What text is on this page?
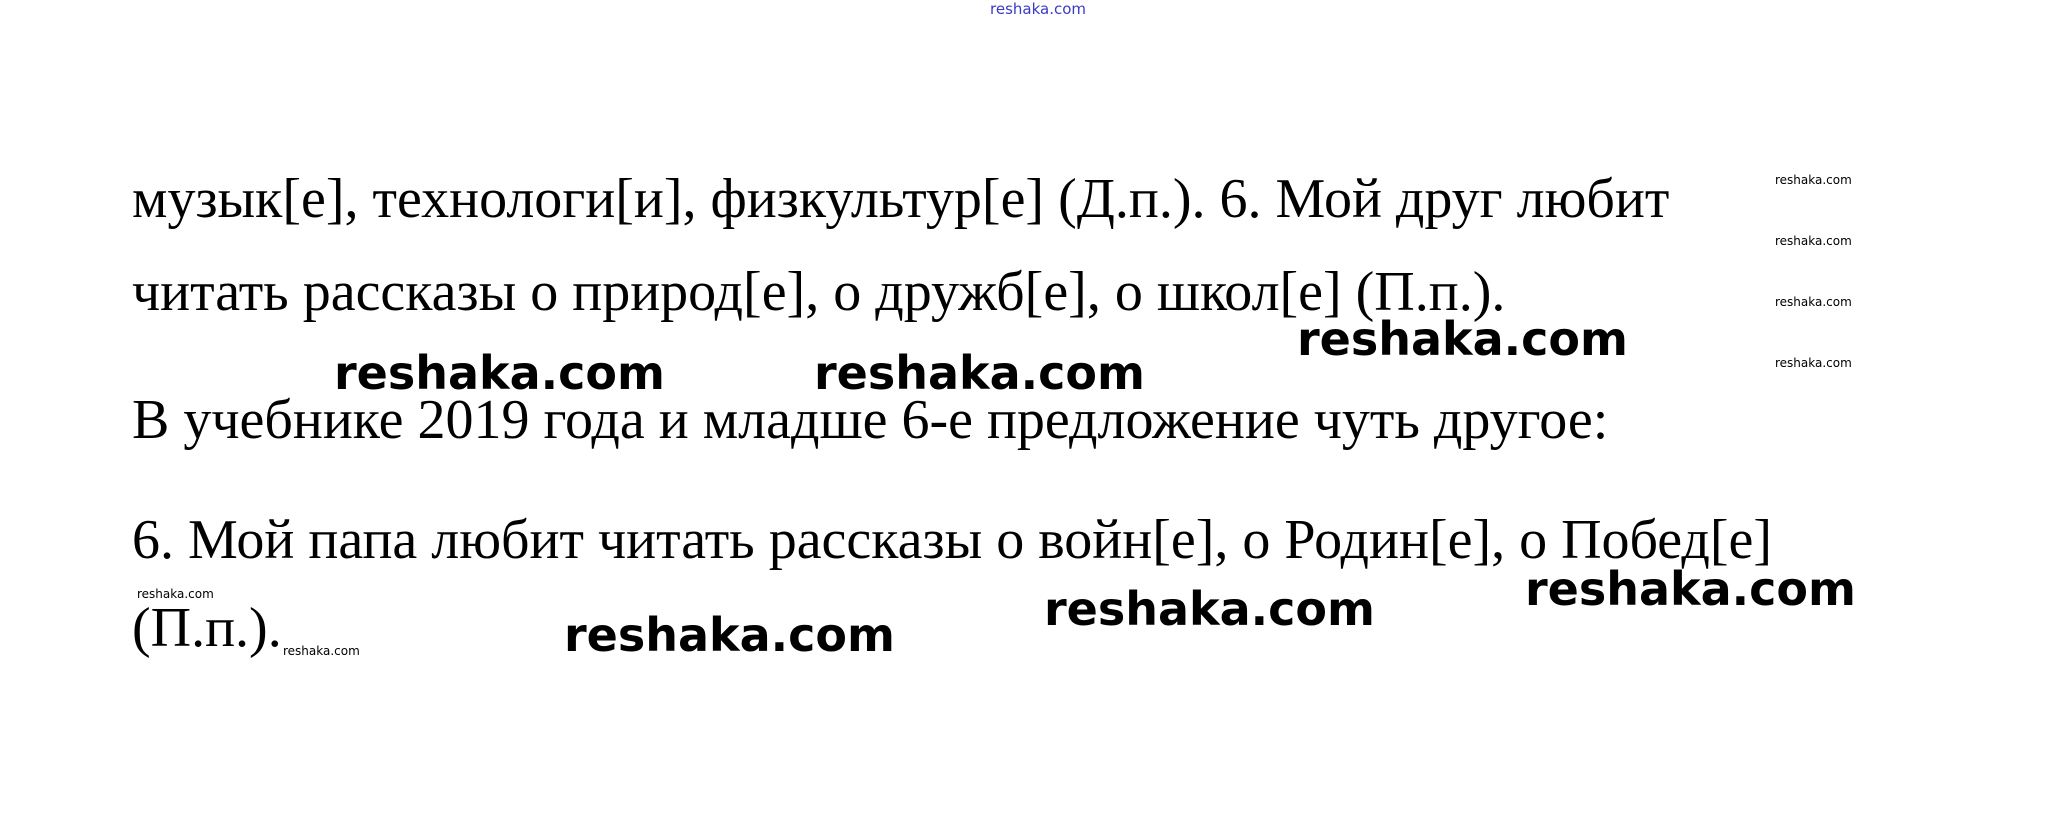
reshaka.com
музык[е], технологи[и], физкультур[е] (Д.п.). 6. Мой друг любит
читать рассказы о природ[е], о дружб[е], о школ[е] (П.п.).
В учебнике 2019 года и младше 6-е предложение чуть другое:
6. Мой папа любит читать рассказы о войн[е], о Родин[е], о Побед[е]
(П.п.).
reshaka.com	reshaka.com
reshaka.com
reshaka.com
reshaka.com
reshaka.com
reshaka.com
reshaka.com
reshaka.com
reshaka.com
reshaka.com
reshaka.com
